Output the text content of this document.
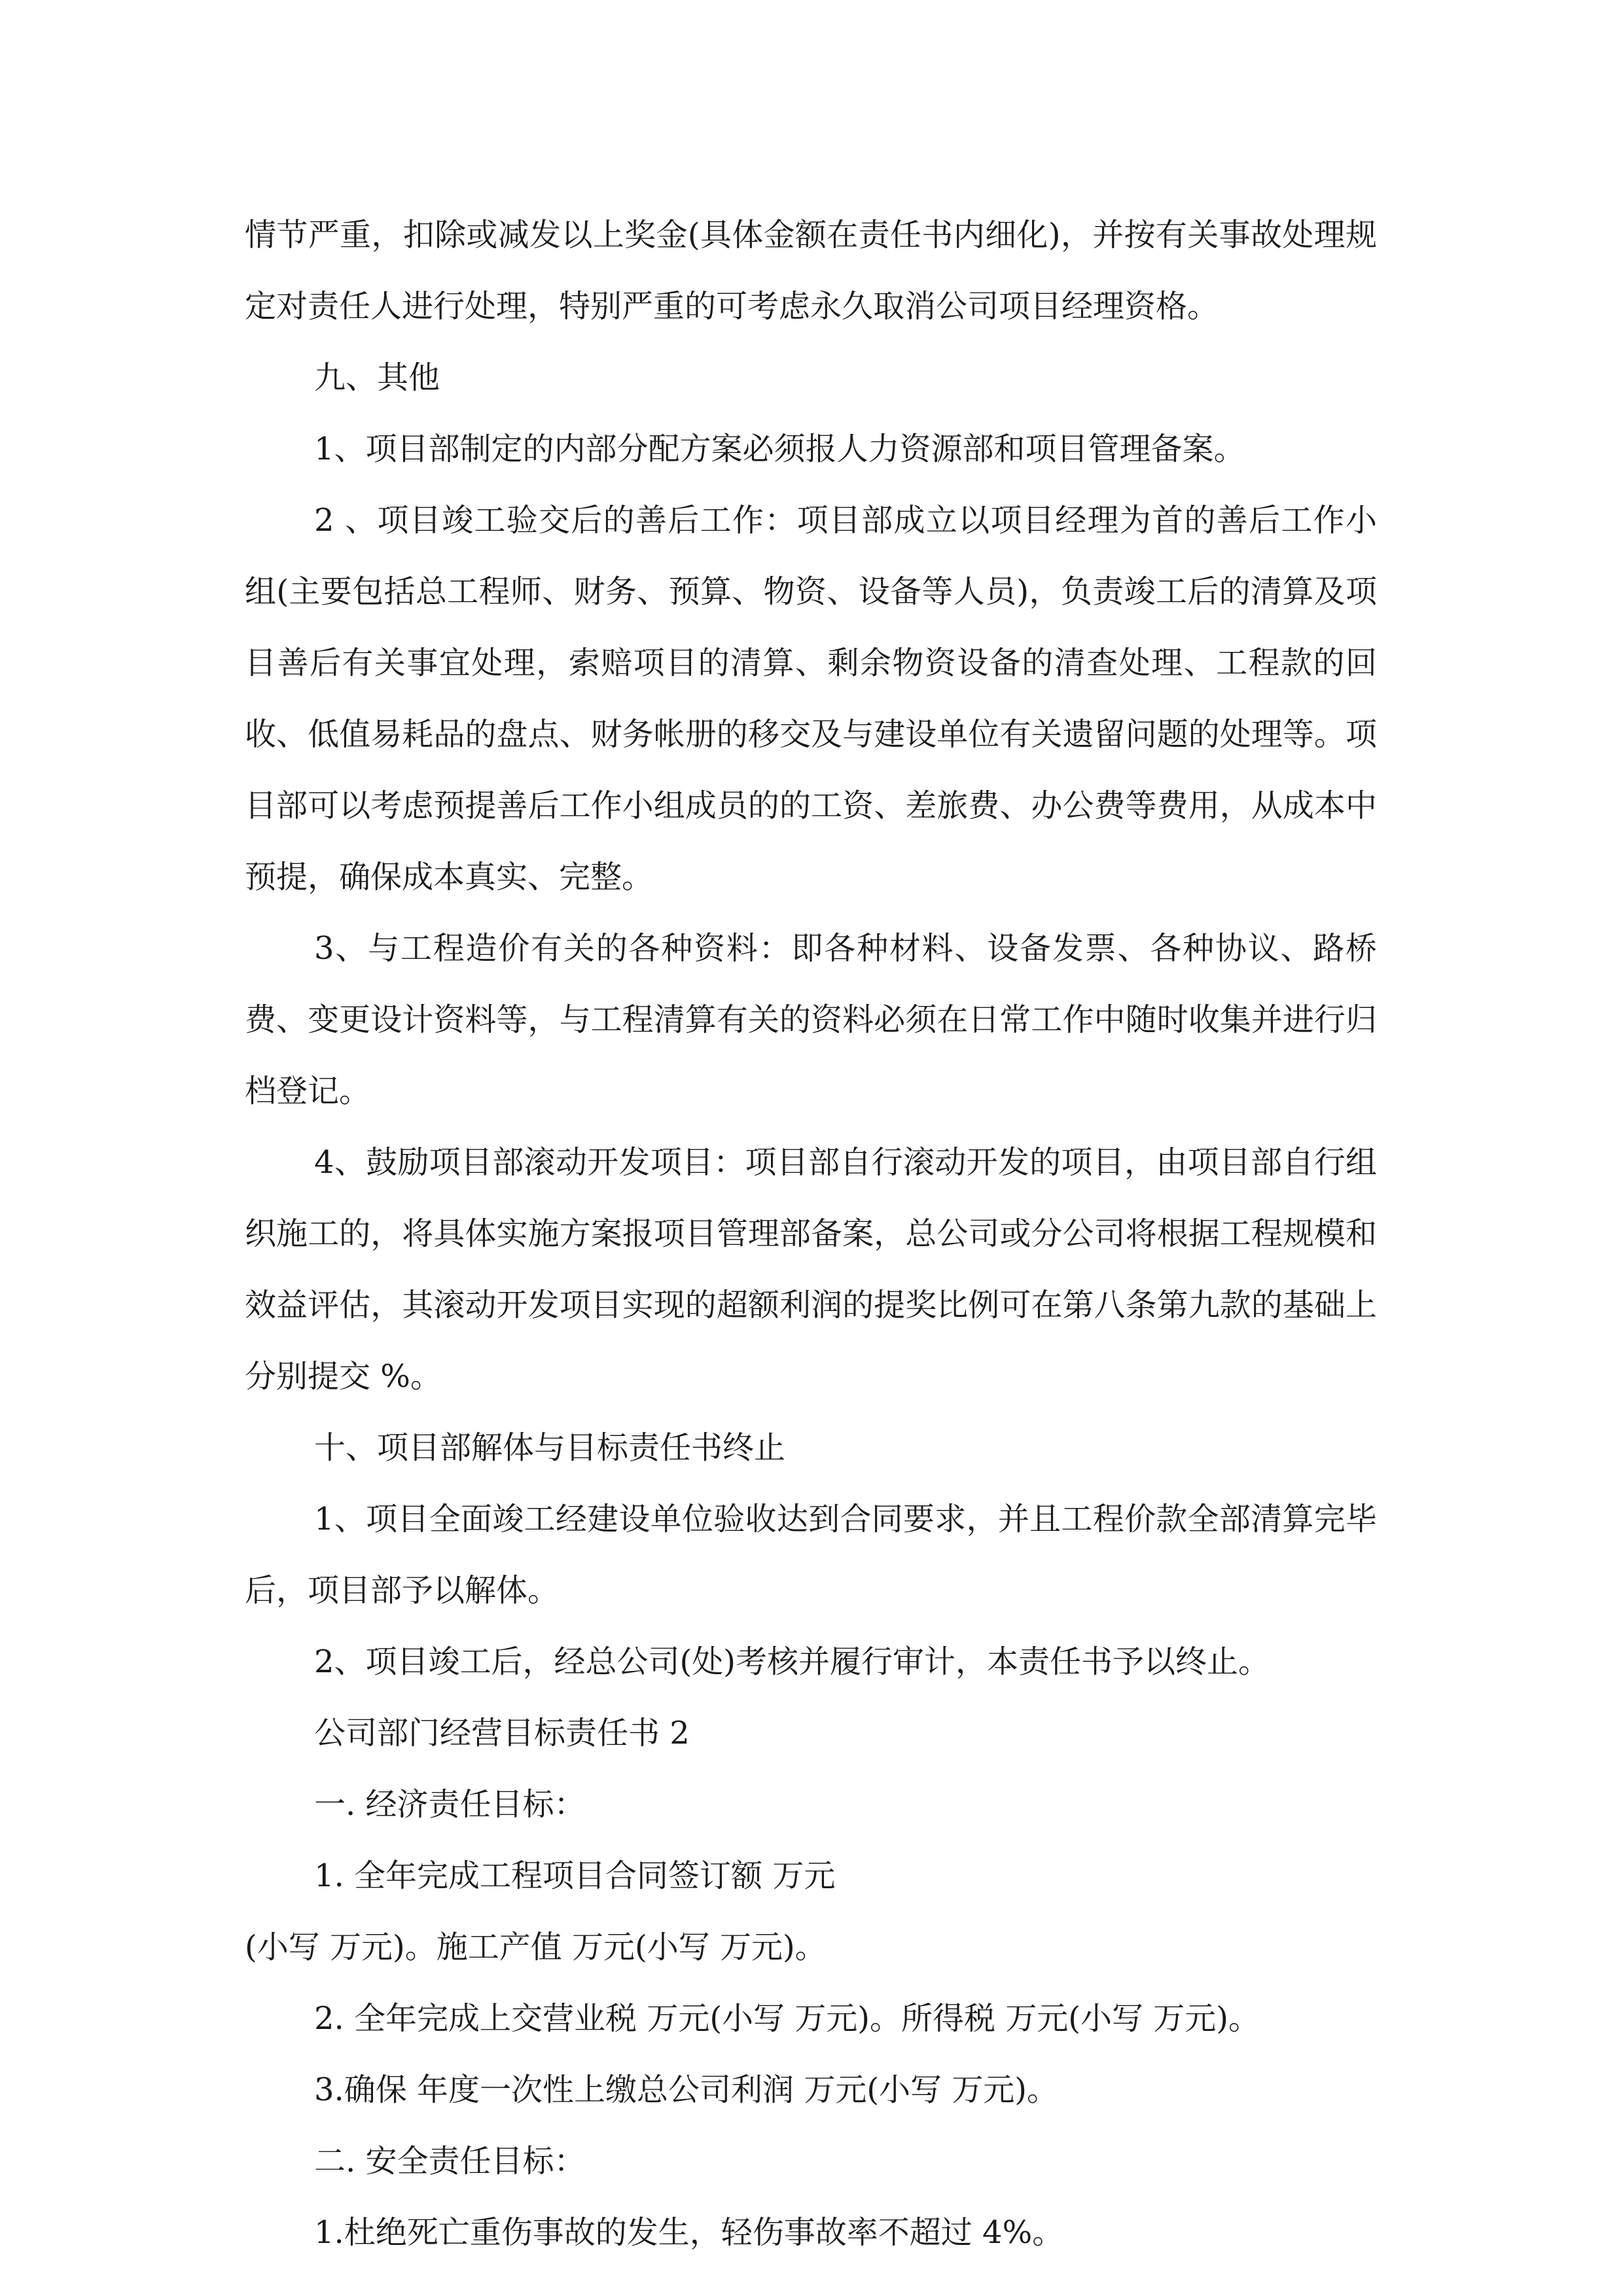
情节严重，扣除或减发以上奖金(具体金额在责任书内细化)，并按有关事故处理规定对责任人进行处理，特别严重的可考虑永久取消公司项目经理资格。

九、其他

1、项目部制定的内部分配方案必须报人力资源部和项目管理备案。

2 、项目竣工验交后的善后工作：项目部成立以项目经理为首的善后工作小组(主要包括总工程师、财务、预算、物资、设备等人员)，负责竣工后的清算及项目善后有关事宜处理，索赔项目的清算、剩余物资设备的清查处理、工程款的回收、低值易耗品的盘点、财务帐册的移交及与建设单位有关遗留问题的处理等。项目部可以考虑预提善后工作小组成员的的工资、差旅费、办公费等费用，从成本中预提，确保成本真实、完整。

3、与工程造价有关的各种资料：即各种材料、设备发票、各种协议、路桥费、变更设计资料等，与工程清算有关的资料必须在日常工作中随时收集并进行归档登记。

4、鼓励项目部滚动开发项目：项目部自行滚动开发的项目，由项目部自行组织施工的，将具体实施方案报项目管理部备案，总公司或分公司将根据工程规模和效益评估，其滚动开发项目实现的超额利润的提奖比例可在第八条第九款的基础上分别提交 %。

十、项目部解体与目标责任书终止

1、项目全面竣工经建设单位验收达到合同要求，并且工程价款全部清算完毕后，项目部予以解体。

2、项目竣工后，经总公司(处)考核并履行审计，本责任书予以终止。

公司部门经营目标责任书 2

一. 经济责任目标：

1. 全年完成工程项目合同签订额 万元

(小写 万元)。施工产值 万元(小写 万元)。

2. 全年完成上交营业税 万元(小写 万元)。所得税 万元(小写 万元)。

3.确保 年度一次性上缴总公司利润 万元(小写 万元)。

二. 安全责任目标：

1.杜绝死亡重伤事故的发生，轻伤事故率不超过 4%。
